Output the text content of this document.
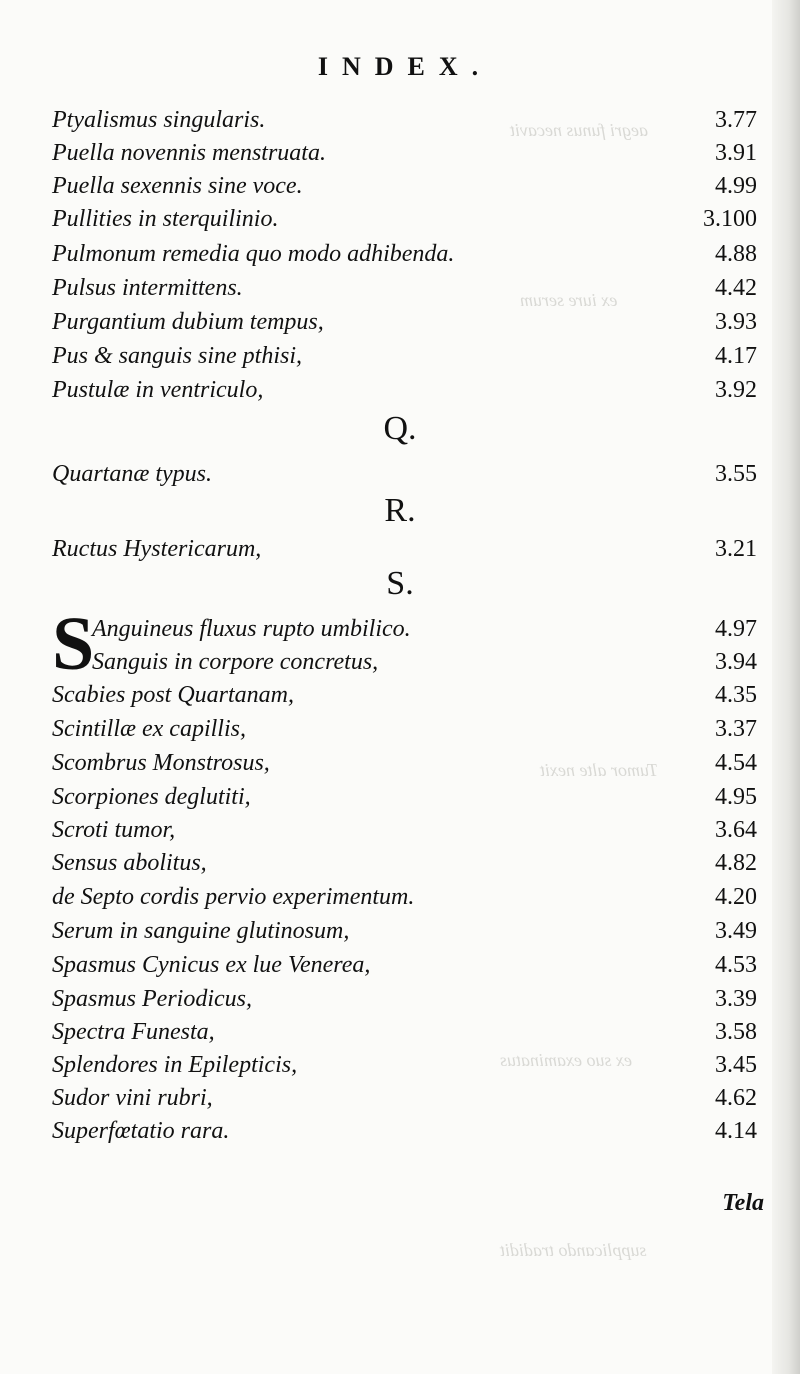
aegri funus necavit
ex iure serum
Tumor alte nexit
ex suo examinatus
supplicando tradidit
INDEX.
Ptyalismus singularis.	3.77
Puella novennis menstruata.	3.91
Puella sexennis sine voce.	4.99
Pullities in sterquilinio.	3.100
Pulmonum remedia quo modo adhibenda.	4.88
Pulsus intermittens.	4.42
Purgantium dubium tempus,	3.93
Pus & sanguis sine pthisi,	4.17
Pustulæ in ventriculo,	3.92
Q.
Quartanæ typus.	3.55
R.
Ructus Hystericarum,	3.21
S.
S
Anguineus fluxus rupto umbilico.	4.97
Sanguis in corpore concretus,	3.94
Scabies post Quartanam,	4.35
Scintillæ ex capillis,	3.37
Scombrus Monstrosus,	4.54
Scorpiones deglutiti,	4.95
Scroti tumor,	3.64
Sensus abolitus,	4.82
de Septo cordis pervio experimentum.	4.20
Serum in sanguine glutinosum,	3.49
Spasmus Cynicus ex lue Venerea,	4.53
Spasmus Periodicus,	3.39
Spectra Funesta,	3.58
Splendores in Epilepticis,	3.45
Sudor vini rubri,	4.62
Superfœtatio rara.	4.14
Tela
